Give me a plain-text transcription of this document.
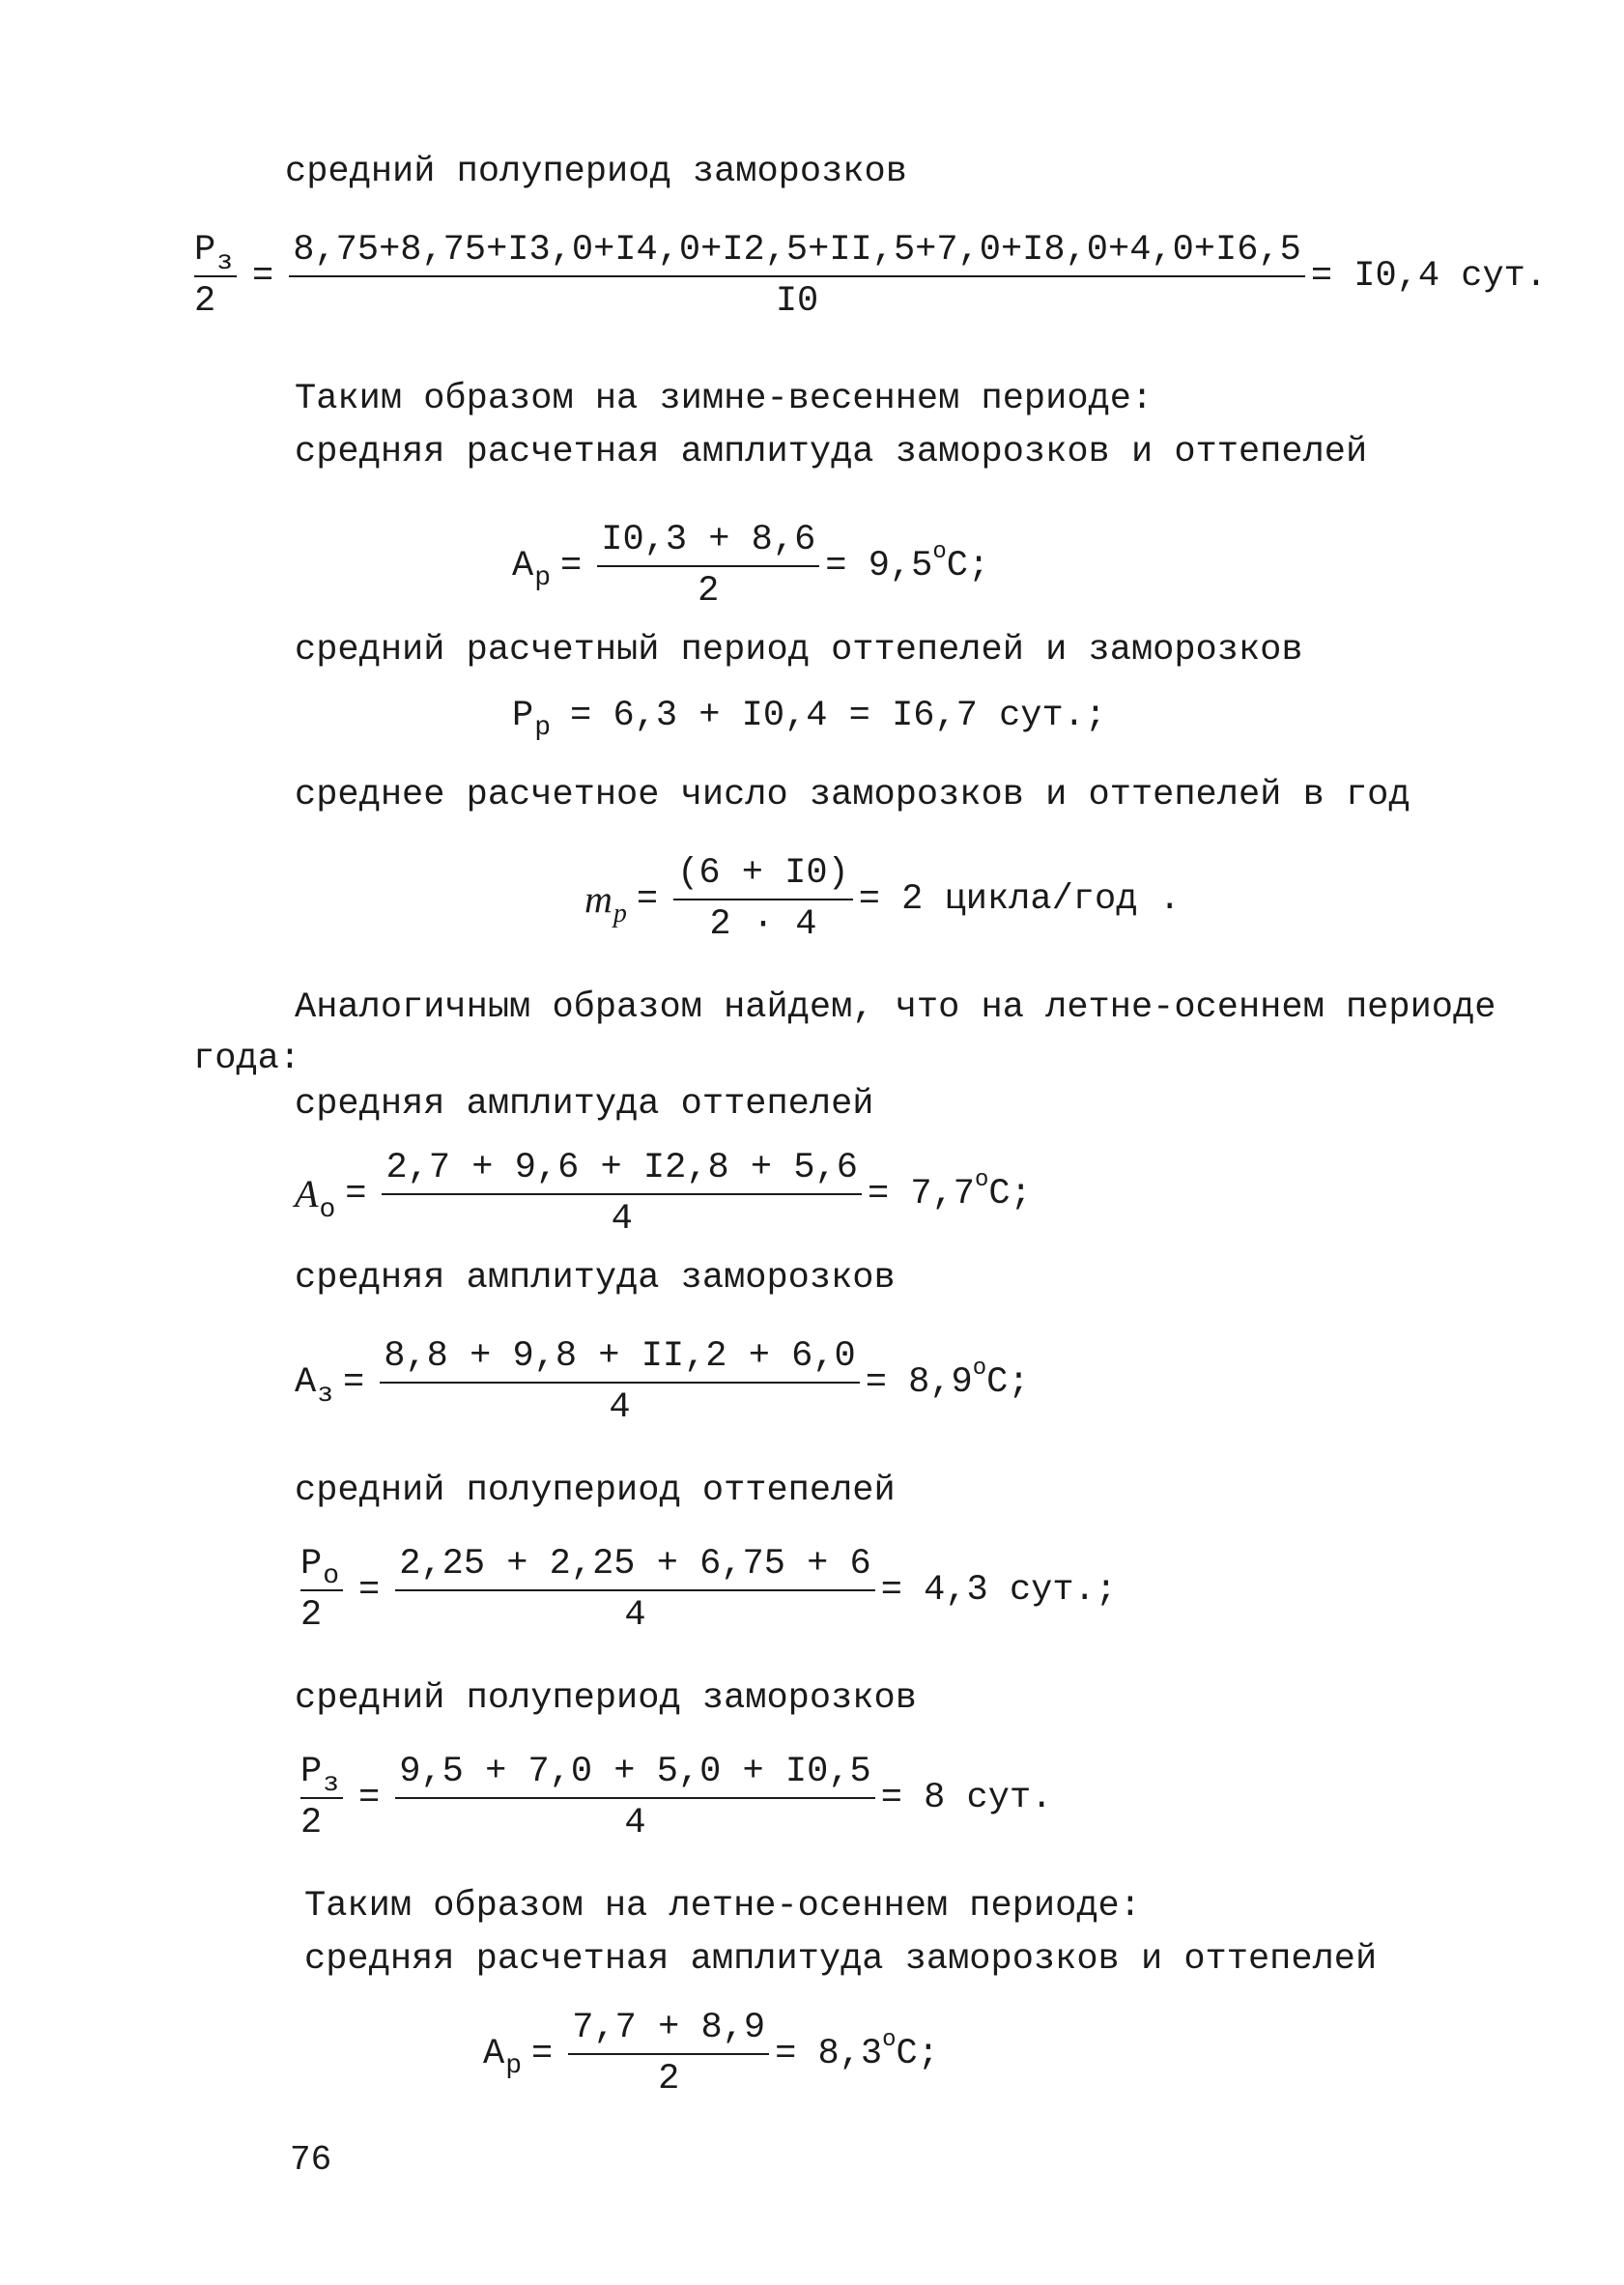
средний полупериод заморозков
$\frac{\text{P з}}{2} = \frac{8,75+8,75+I3,0+I4,0+I2,5+II,5+7,0+I8,0+4,0+I6,5}{I0} = I0,4$ сут.
Таким образом на зимне-весеннем периоде:
средняя расчетная амплитуда заморозков и оттепелей
A $p = \frac{I0,3 + 8,6}{2} = 9,5$ o C;
средний расчетный период оттепелей и заморозков
P p = 6,3 + I0,4 = I6,7 сут.;
среднее расчетное число заморозков и оттепелей в год
m $p = \frac{(6 + I0)}{2 \cdot 4} = 2$ цикла/год .
Аналогичным образом найдем, что на летне-осеннем периоде
года:
средняя амплитуда оттепелей
A $o = \frac{2,7 + 9,6 + I2,8 + 5,6}{4} = 7,7$ o C;
средняя амплитуда заморозков
A $з = \frac{8,8 + 9,8 + II,2 + 6,0}{4} = 8,9$ o C;
средний полупериод оттепелей
$\frac{\text{P o}}{2} = \frac{2,25 + 2,25 + 6,75 + 6}{4} = 4,3$ сут.;
средний полупериод заморозков
$\frac{\text{P з}}{2} = \frac{9,5 + 7,0 + 5,0 + I0,5}{4} = 8$ сут.
Таким образом на летне-осеннем периоде:
средняя расчетная амплитуда заморозков и оттепелей
A $p = \frac{7,7 + 8,9}{2} = 8,3$ o C;
76
